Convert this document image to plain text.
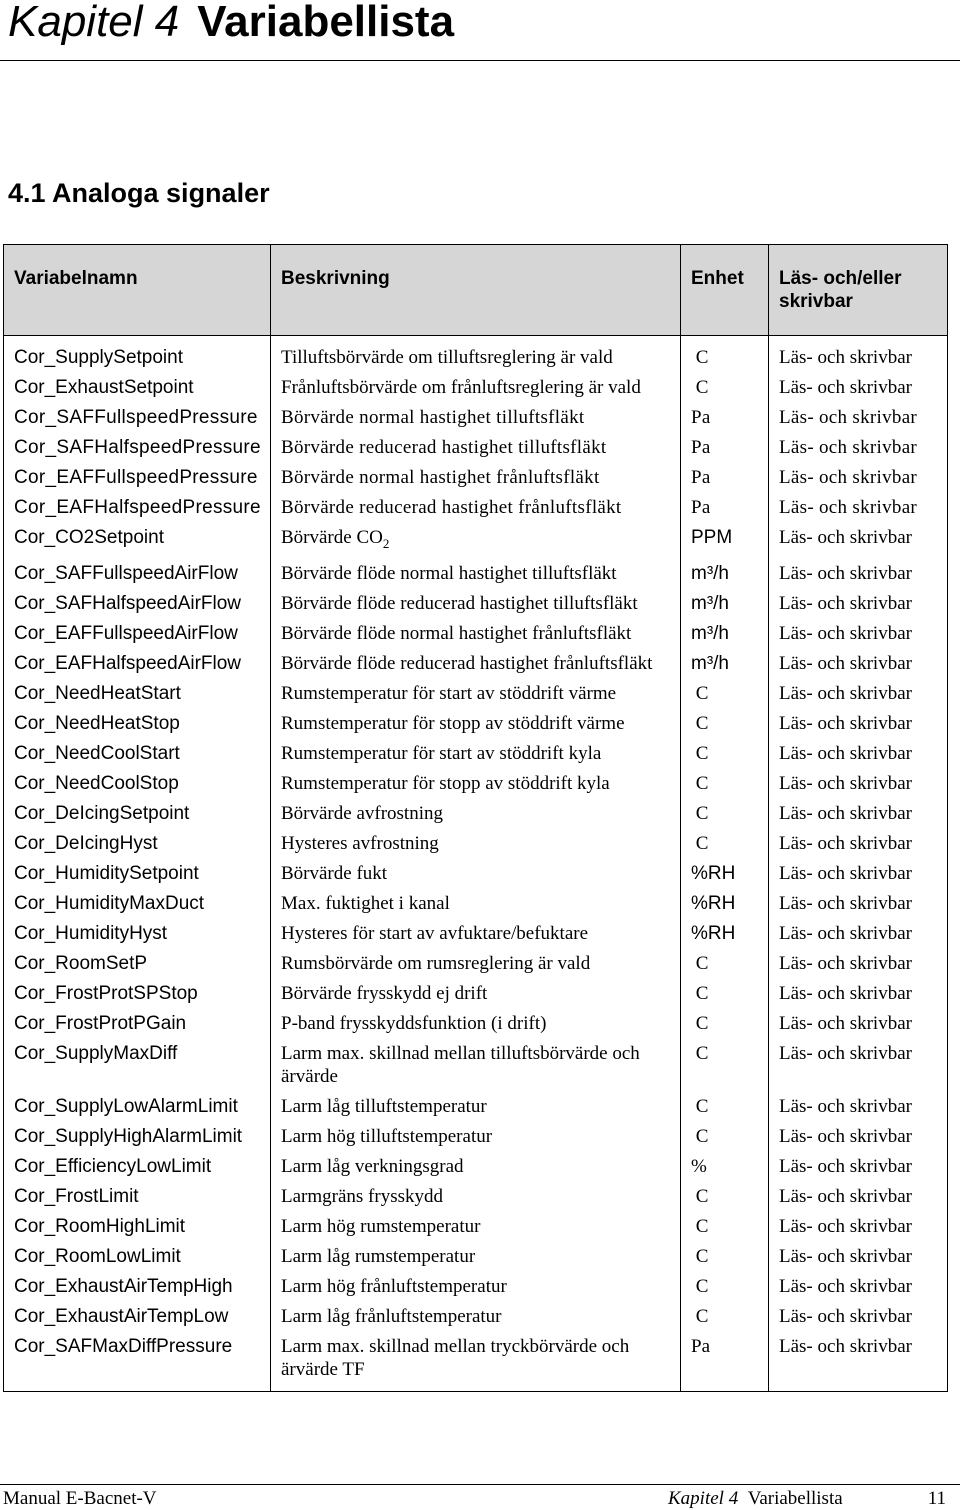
Kapitel 4 Variabellista
4.1 Analoga signaler
Variabelnamn	Beskrivning	Enhet	Läs- och/eller skrivbar
Cor_SupplySetpoint	Tilluftsbörvärde om tilluftsreglering är vald	C	Läs- och skrivbar
Cor_ExhaustSetpoint	Frånluftsbörvärde om frånluftsreglering är vald	C	Läs- och skrivbar
Cor_SAFFullspeedPressure	Börvärde normal hastighet tilluftsfläkt	Pa	Läs- och skrivbar
Cor_SAFHalfspeedPressure	Börvärde reducerad hastighet tilluftsfläkt	Pa	Läs- och skrivbar
Cor_EAFFullspeedPressure	Börvärde normal hastighet frånluftsfläkt	Pa	Läs- och skrivbar
Cor_EAFHalfspeedPressure	Börvärde reducerad hastighet frånluftsfläkt	Pa	Läs- och skrivbar
Cor_CO2Setpoint	Börvärde $CO_2$	PPM	Läs- och skrivbar
Cor_SAFFullspeedAirFlow	Börvärde flöde normal hastighet tilluftsfläkt	m³/h	Läs- och skrivbar
Cor_SAFHalfspeedAirFlow	Börvärde flöde reducerad hastighet tilluftsfläkt	m³/h	Läs- och skrivbar
Cor_EAFFullspeedAirFlow	Börvärde flöde normal hastighet frånluftsfläkt	m³/h	Läs- och skrivbar
Cor_EAFHalfspeedAirFlow	Börvärde flöde reducerad hastighet frånluftsfläkt	m³/h	Läs- och skrivbar
Cor_NeedHeatStart	Rumstemperatur för start av stöddrift värme	C	Läs- och skrivbar
Cor_NeedHeatStop	Rumstemperatur för stopp av stöddrift värme	C	Läs- och skrivbar
Cor_NeedCoolStart	Rumstemperatur för start av stöddrift kyla	C	Läs- och skrivbar
Cor_NeedCoolStop	Rumstemperatur för stopp av stöddrift kyla	C	Läs- och skrivbar
Cor_DeIcingSetpoint	Börvärde avfrostning	C	Läs- och skrivbar
Cor_DeIcingHyst	Hysteres avfrostning	C	Läs- och skrivbar
Cor_HumiditySetpoint	Börvärde fukt	%RH	Läs- och skrivbar
Cor_HumidityMaxDuct	Max. fuktighet i kanal	%RH	Läs- och skrivbar
Cor_HumidityHyst	Hysteres för start av avfuktare/befuktare	%RH	Läs- och skrivbar
Cor_RoomSetP	Rumsbörvärde om rumsreglering är vald	C	Läs- och skrivbar
Cor_FrostProtSPStop	Börvärde frysskydd ej drift	C	Läs- och skrivbar
Cor_FrostProtPGain	P-band frysskyddsfunktion (i drift)	C	Läs- och skrivbar
Cor_SupplyMaxDiff	Larm max. skillnad mellan tilluftsbörvärde och ärvärde	C	Läs- och skrivbar
Cor_SupplyLowAlarmLimit	Larm låg tilluftstemperatur	C	Läs- och skrivbar
Cor_SupplyHighAlarmLimit	Larm hög tilluftstemperatur	C	Läs- och skrivbar
Cor_EfficiencyLowLimit	Larm låg verkningsgrad	%	Läs- och skrivbar
Cor_FrostLimit	Larmgräns frysskydd	C	Läs- och skrivbar
Cor_RoomHighLimit	Larm hög rumstemperatur	C	Läs- och skrivbar
Cor_RoomLowLimit	Larm låg rumstemperatur	C	Läs- och skrivbar
Cor_ExhaustAirTempHigh	Larm hög frånluftstemperatur	C	Läs- och skrivbar
Cor_ExhaustAirTempLow	Larm låg frånluftstemperatur	C	Läs- och skrivbar
Cor_SAFMaxDiffPressure	Larm max. skillnad mellan tryckbörvärde och ärvärde TF	Pa	Läs- och skrivbar
Manual E-Bacnet-V	Kapitel 4 Variabellista	11
